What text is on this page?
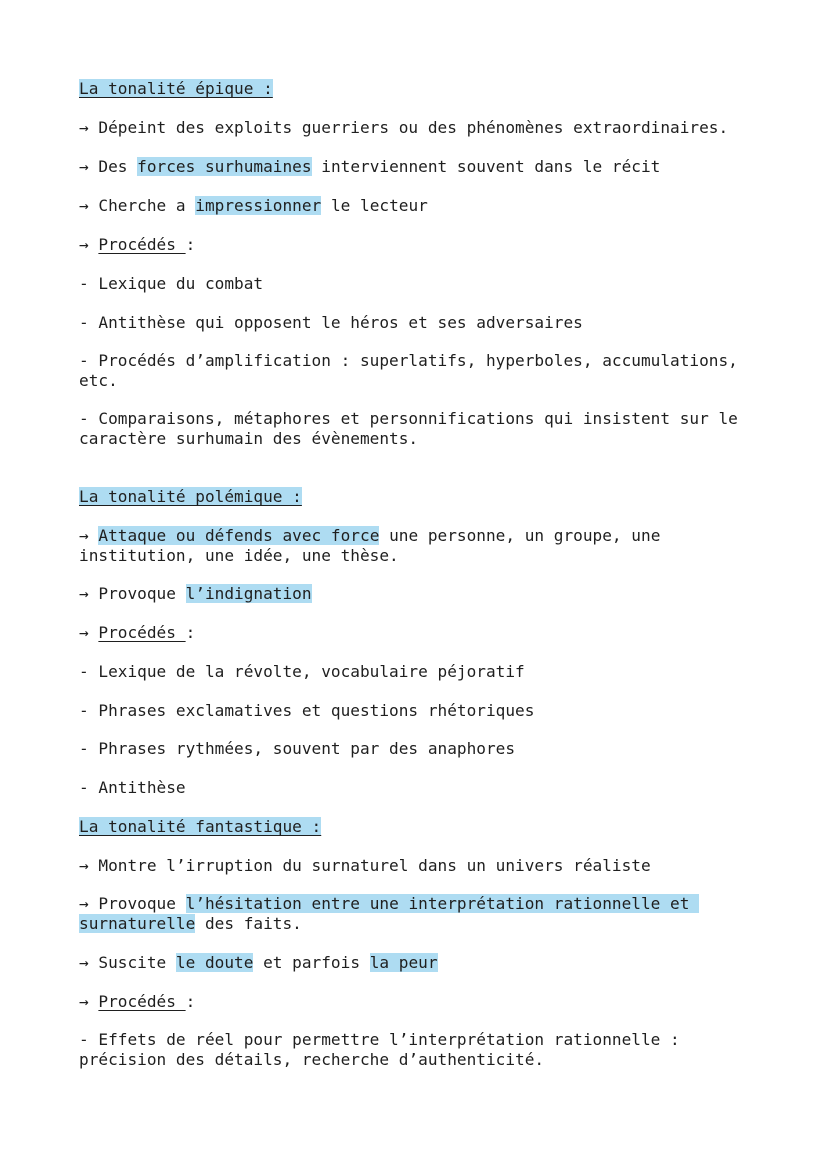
La tonalité épique :

→ Dépeint des exploits guerriers ou des phénomènes extraordinaires.

→ Des forces surhumaines interviennent souvent dans le récit

→ Cherche a impressionner le lecteur

→ Procédés :

- Lexique du combat

- Antithèse qui opposent le héros et ses adversaires

- Procédés d’amplification : superlatifs, hyperboles, accumulations,
etc.

- Comparaisons, métaphores et personnifications qui insistent sur le
caractère surhumain des évènements.

La tonalité polémique :

→ Attaque ou défends avec force une personne, un groupe, une
institution, une idée, une thèse.

→ Provoque l’indignation

→ Procédés :

- Lexique de la révolte, vocabulaire péjoratif

- Phrases exclamatives et questions rhétoriques

- Phrases rythmées, souvent par des anaphores

- Antithèse

La tonalité fantastique :

→ Montre l’irruption du surnaturel dans un univers réaliste

→ Provoque l’hésitation entre une interprétation rationnelle et
surnaturelle des faits.

→ Suscite le doute et parfois la peur

→ Procédés :

- Effets de réel pour permettre l’interprétation rationnelle :
précision des détails, recherche d’authenticité.
